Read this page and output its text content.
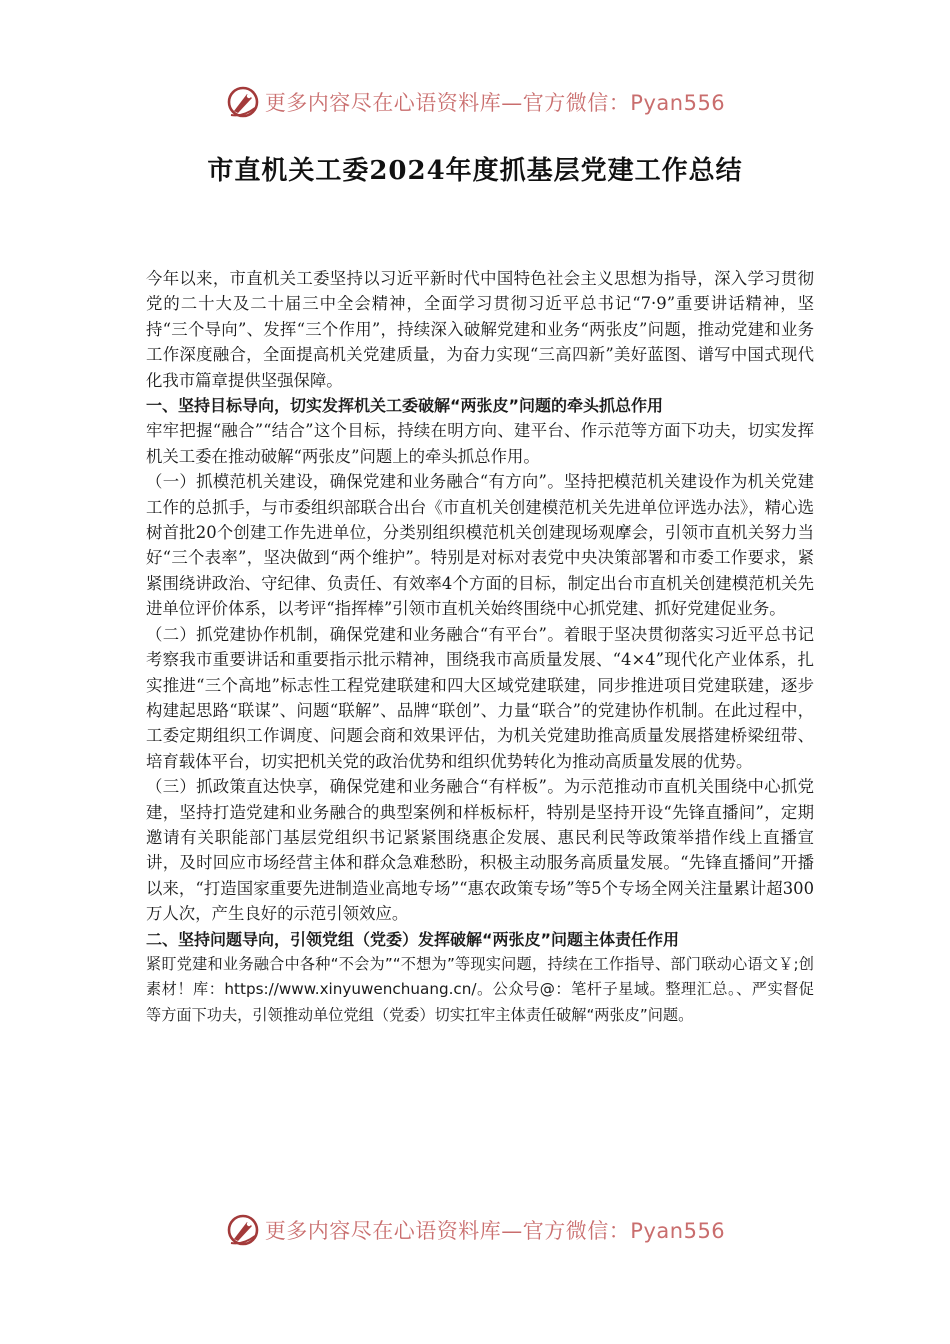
更多内容尽在心语资料库—官方微信：Pyan556
市直机关工委2024年度抓基层党建工作总结

今年以来，市直机关工委坚持以习近平新时代中国特色社会主义思想为指导，深入学习贯彻党的二十大及二十届三中全会精神，全面学习贯彻习近平总书记“7·9”重要讲话精神，坚持“三个导向”、发挥“三个作用”，持续深入破解党建和业务“两张皮”问题，推动党建和业务工作深度融合，全面提高机关党建质量，为奋力实现“三高四新”美好蓝图、谱写中国式现代化我市篇章提供坚强保障。

一、坚持目标导向，切实发挥机关工委破解“两张皮”问题的牵头抓总作用

牢牢把握“融合”“结合”这个目标，持续在明方向、建平台、作示范等方面下功夫，切实发挥机关工委在推动破解“两张皮”问题上的牵头抓总作用。

（一）抓模范机关建设，确保党建和业务融合“有方向”。坚持把模范机关建设作为机关党建工作的总抓手，与市委组织部联合出台《市直机关创建模范机关先进单位评选办法》，精心选树首批20个创建工作先进单位，分类别组织模范机关创建现场观摩会，引领市直机关努力当好“三个表率”，坚决做到“两个维护”。特别是对标对表党中央决策部署和市委工作要求，紧紧围绕讲政治、守纪律、负责任、有效率4个方面的目标，制定出台市直机关创建模范机关先进单位评价体系，以考评“指挥棒”引领市直机关始终围绕中心抓党建、抓好党建促业务。

（二）抓党建协作机制，确保党建和业务融合“有平台”。着眼于坚决贯彻落实习近平总书记考察我市重要讲话和重要指示批示精神，围绕我市高质量发展、“4×4”现代化产业体系，扎实推进“三个高地”标志性工程党建联建和四大区域党建联建，同步推进项目党建联建，逐步构建起思路“联谋”、问题“联解”、品牌“联创”、力量“联合”的党建协作机制。在此过程中，工委定期组织工作调度、问题会商和效果评估，为机关党建助推高质量发展搭建桥梁纽带、培育载体平台，切实把机关党的政治优势和组织优势转化为推动高质量发展的优势。

（三）抓政策直达快享，确保党建和业务融合“有样板”。为示范推动市直机关围绕中心抓党建，坚持打造党建和业务融合的典型案例和样板标杆，特别是坚持开设“先锋直播间”，定期邀请有关职能部门基层党组织书记紧紧围绕惠企发展、惠民利民等政策举措作线上直播宣讲，及时回应市场经营主体和群众急难愁盼，积极主动服务高质量发展。“先锋直播间”开播以来，“打造国家重要先进制造业高地专场”“惠农政策专场”等5个专场全网关注量累计超300万人次，产生良好的示范引领效应。

二、坚持问题导向，引领党组（党委）发挥破解“两张皮”问题主体责任作用

紧盯党建和业务融合中各种“不会为”“不想为”等现实问题，持续在工作指导、部门联动心语文￥;创素材！库：https://www.xinyuwenchuang.cn/。公众号@：笔杆子星域。整理汇总。、严实督促等方面下功夫，引领推动单位党组（党委）切实扛牢主体责任破解“两张皮”问题。

更多内容尽在心语资料库—官方微信：Pyan556
